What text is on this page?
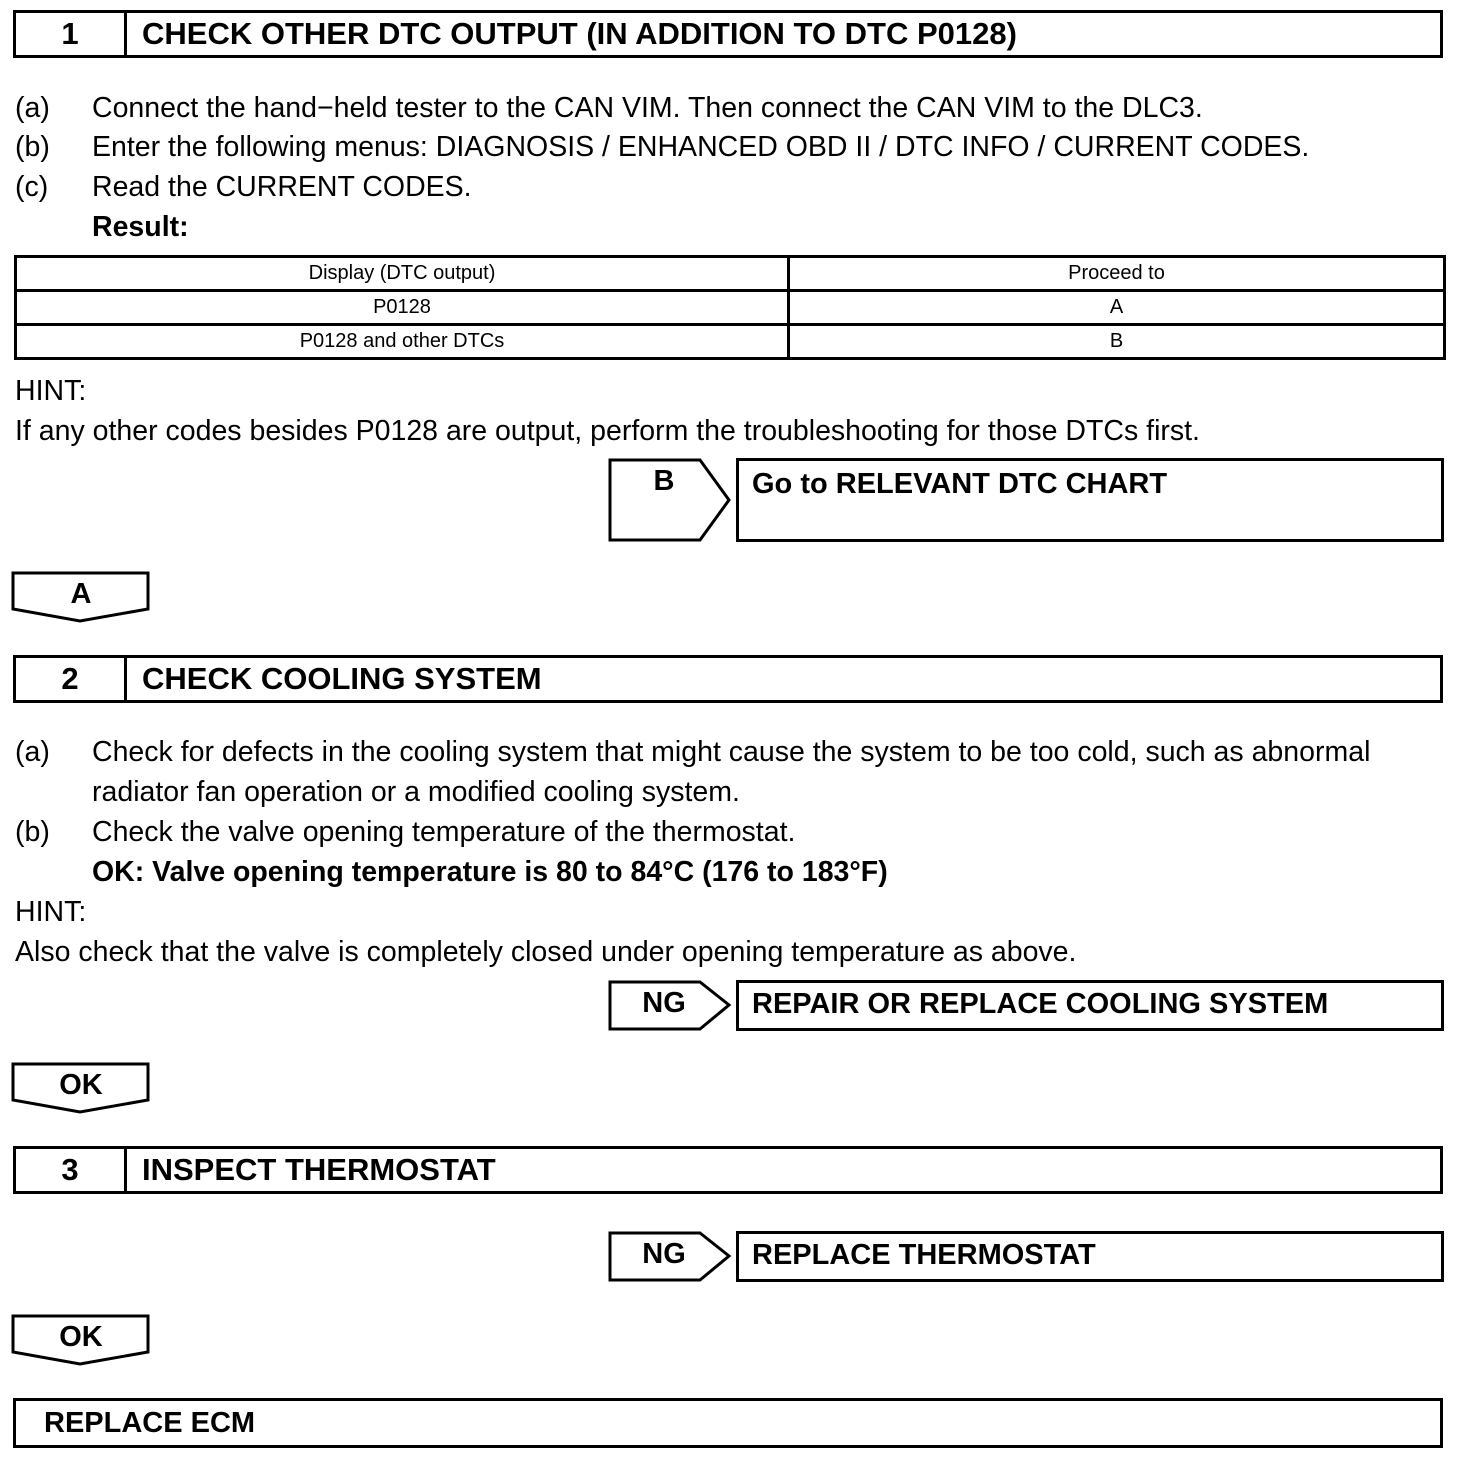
1	CHECK OTHER DTC OUTPUT (IN ADDITION TO DTC P0128)
(a) Connect the hand−held tester to the CAN VIM. Then connect the CAN VIM to the DLC3.
(b) Enter the following menus: DIAGNOSIS / ENHANCED OBD II / DTC INFO / CURRENT CODES.
(c) Read the CURRENT CODES.
Result:
Display (DTC output)	Proceed to
P0128	A
P0128 and other DTCs	B
HINT:
If any other codes besides P0128 are output, perform the troubleshooting for those DTCs first.
B	Go to RELEVANT DTC CHART
A
2	CHECK COOLING SYSTEM
(a) Check for defects in the cooling system that might cause the system to be too cold, such as abnormal
radiator fan operation or a modified cooling system.
(b) Check the valve opening temperature of the thermostat.
OK: Valve opening temperature is 80 to 84°C (176 to 183°F)
HINT:
Also check that the valve is completely closed under opening temperature as above.
NG	REPAIR OR REPLACE COOLING SYSTEM
OK
3	INSPECT THERMOSTAT
NG	REPLACE THERMOSTAT
OK
REPLACE ECM
